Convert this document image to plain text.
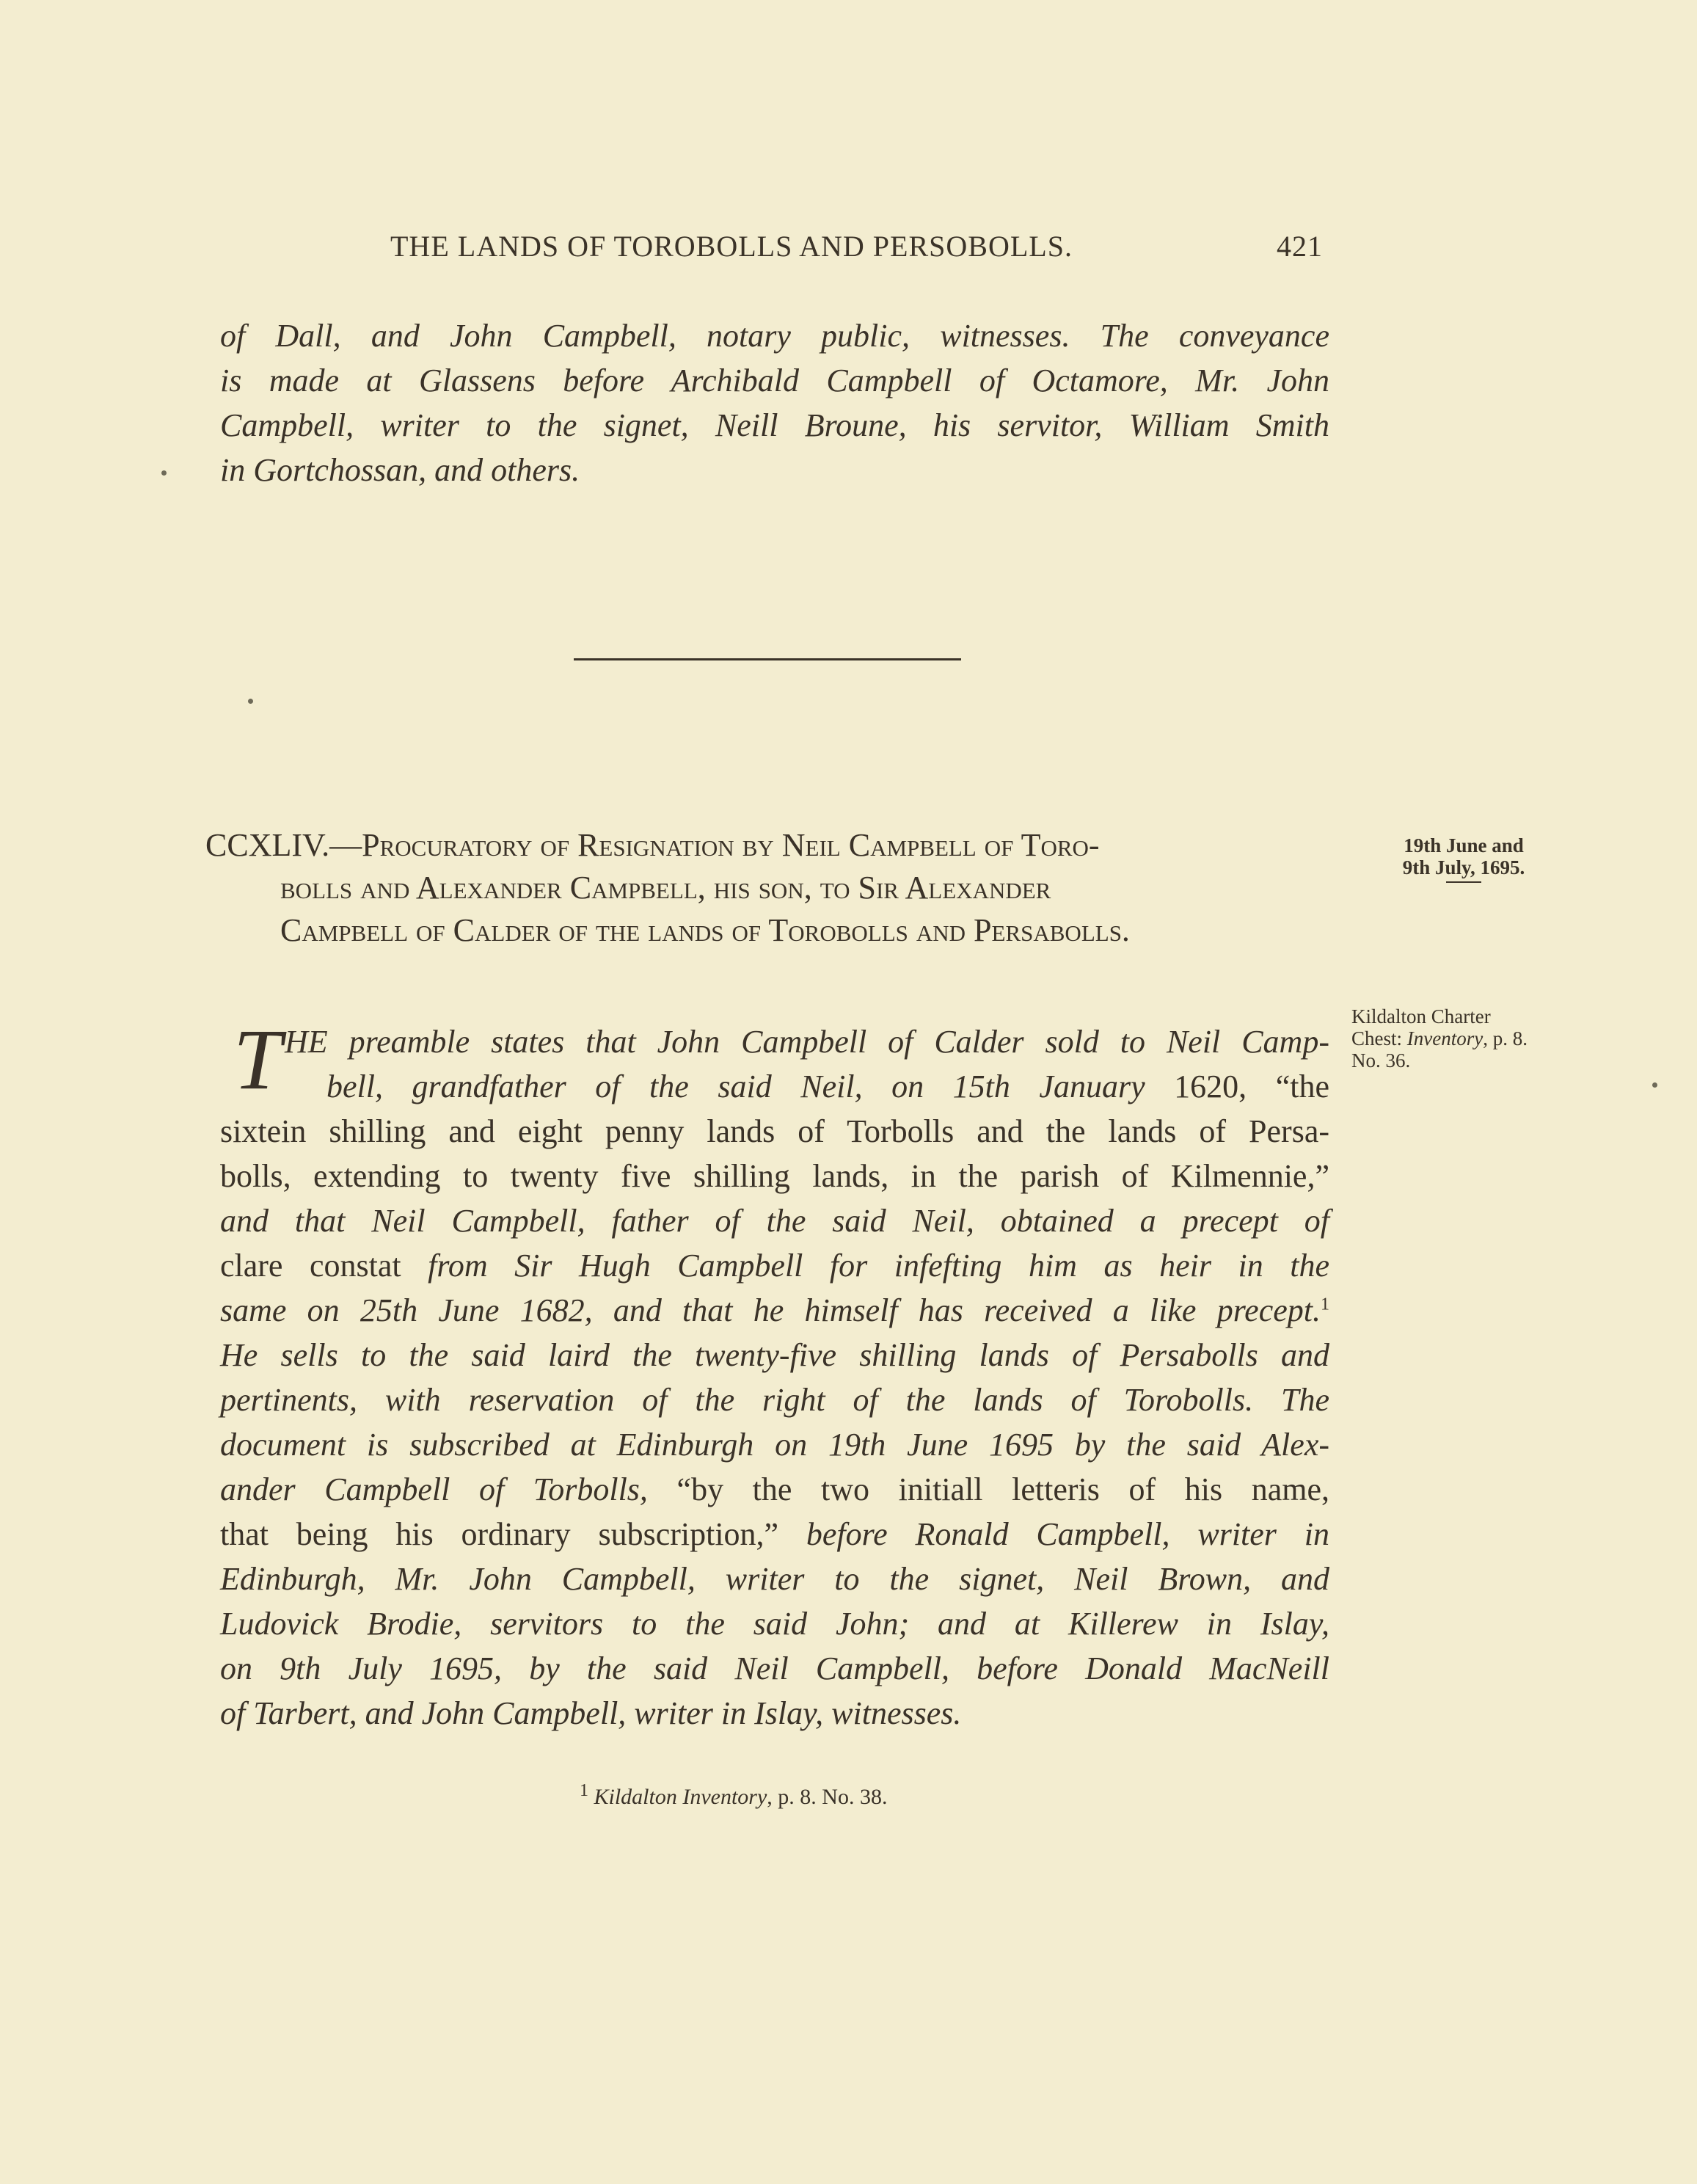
THE LANDS OF TOROBOLLS AND PERSOBOLLS.	421
of Dall, and John Campbell, notary public, witnesses. The conveyance
is made at Glassens before Archibald Campbell of Octamore, Mr. John
Campbell, writer to the signet, Neill Broune, his servitor, William Smith
in Gortchossan, and others.
CCXLIV.—Procuratory of Resignation by Neil Campbell of Toro-
bolls and Alexander Campbell, his son, to Sir Alexander
Campbell of Calder of the lands of Torobolls and Persabolls.
19th June and
9th July, 1695.
Kildalton Charter
Chest: Inventory, p. 8.
No. 36.
T HE preamble states that John Campbell of Calder sold to Neil Camp-
bell, grandfather of the said Neil, on 15th January 1620, “the
sixtein shilling and eight penny lands of Torbolls and the lands of Persa-
bolls, extending to twenty five shilling lands, in the parish of Kilmennie,”
and that Neil Campbell, father of the said Neil, obtained a precept of
clare constat from Sir Hugh Campbell for infefting him as heir in the
same on 25th June 1682, and that he himself has received a like precept.$^1$
He sells to the said laird the twenty-five shilling lands of Persabolls and
pertinents, with reservation of the right of the lands of Torobolls. The
document is subscribed at Edinburgh on 19th June 1695 by the said Alex-
ander Campbell of Torbolls, “by the two initiall letteris of his name,
that being his ordinary subscription,” before Ronald Campbell, writer in
Edinburgh, Mr. John Campbell, writer to the signet, Neil Brown, and
Ludovick Brodie, servitors to the said John; and at Killerew in Islay,
on 9th July 1695, by the said Neil Campbell, before Donald MacNeill
of Tarbert, and John Campbell, writer in Islay, witnesses.
$^1$ Kildalton Inventory, p. 8. No. 38.
